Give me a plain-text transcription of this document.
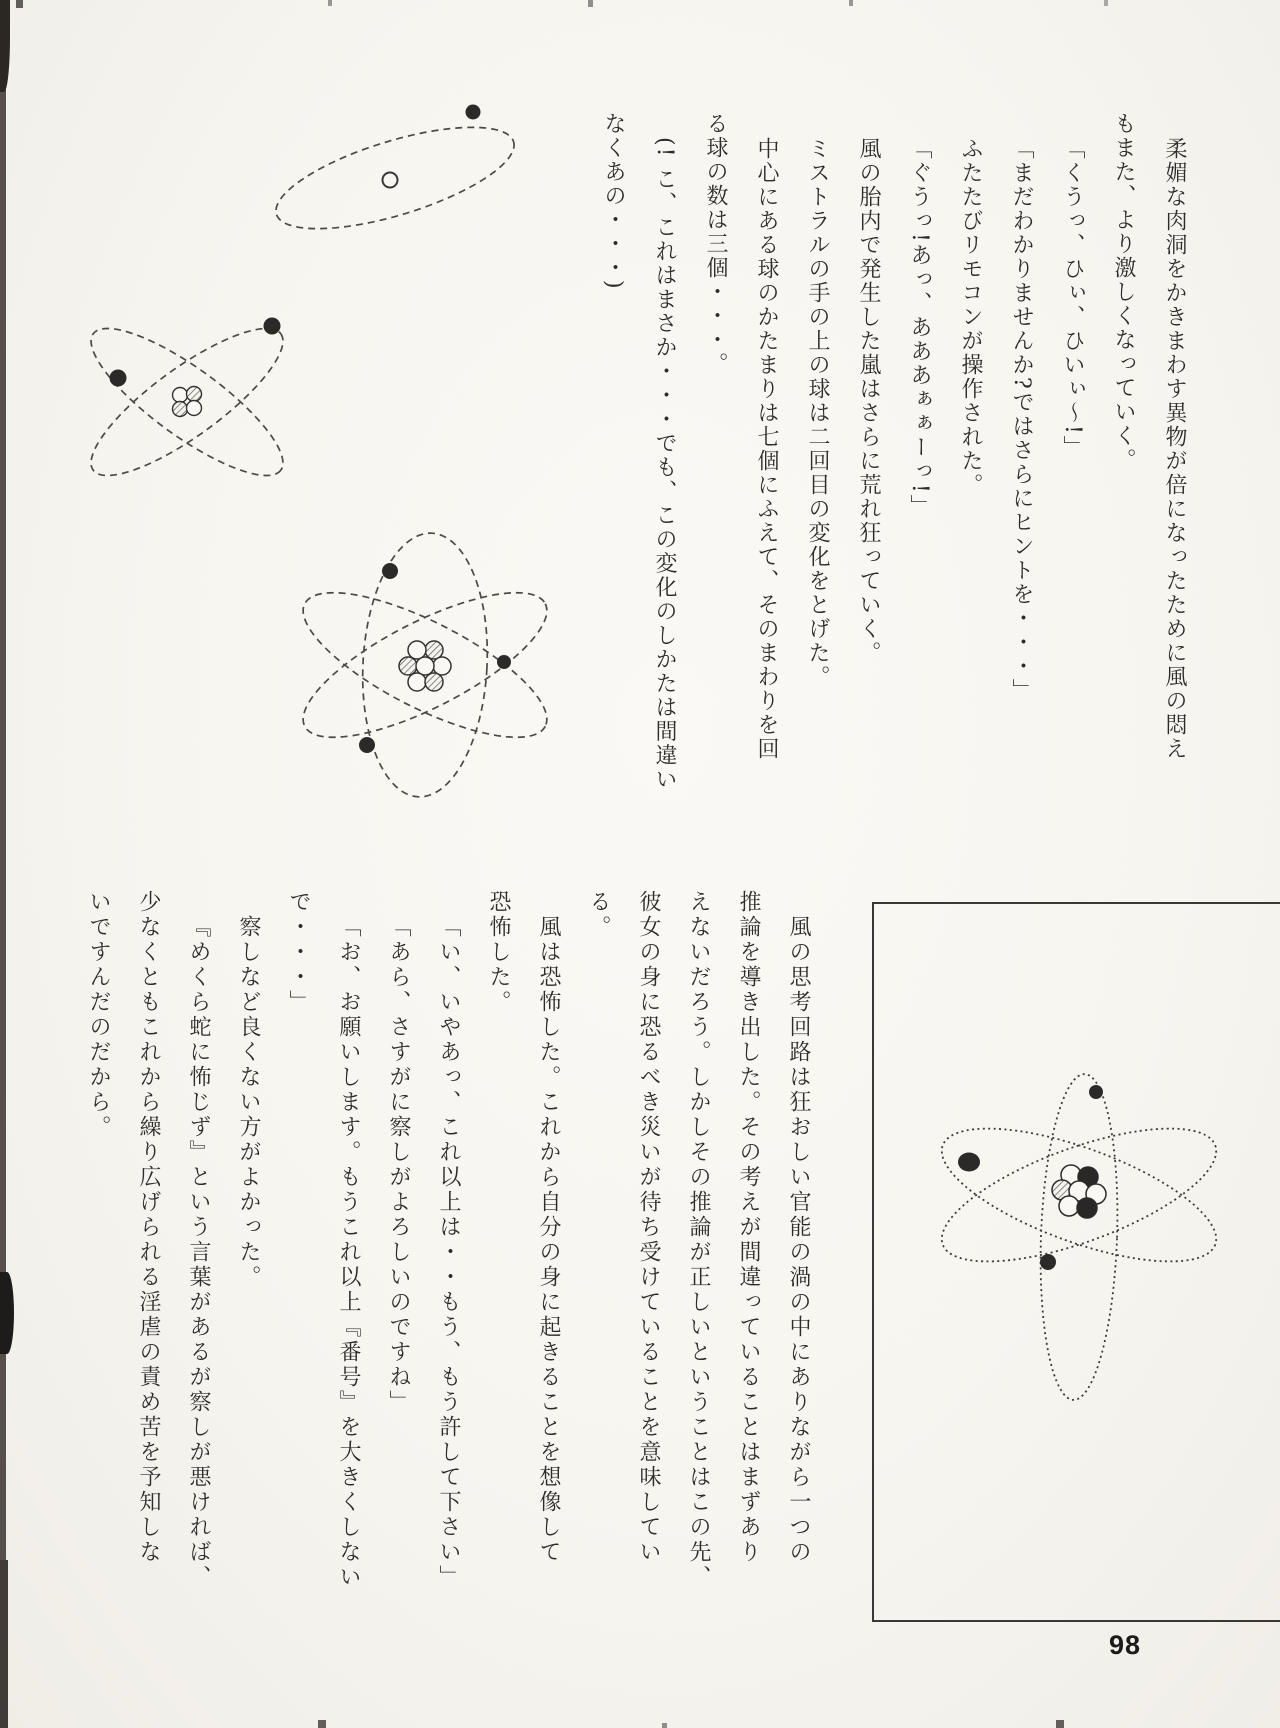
柔媚な肉洞をかきまわす異物が倍になったために風の悶え
もまた、より激しくなっていく。
「くうっ、ひぃ、ひいぃ〜!」
「まだわかりませんか?ではさらにヒントを・・・」
ふたたびリモコンが操作された。
「ぐうっ!あっ、あああぁぁーっ!」
風の胎内で発生した嵐はさらに荒れ狂っていく。
ミストラルの手の上の球は二回目の変化をとげた。
中心にある球のかたまりは七個にふえて、そのまわりを回
る球の数は三個・・・。
(! こ、これはまさか・・・でも、この変化のしかたは間違い
なくあの・・・)
風の思考回路は狂おしい官能の渦の中にありながら一つの
推論を導き出した。その考えが間違っていることはまずあり
えないだろう。しかしその推論が正しいということはこの先、
彼女の身に恐るべき災いが待ち受けていることを意味してい
る。
風は恐怖した。これから自分の身に起きることを想像して
恐怖した。
「い、いやあっ、これ以上は・・もう、もう許して下さい」
「あら、さすがに察しがよろしいのですね」
「お、お願いします。もうこれ以上『番号』を大きくしない
で・・・」
察しなど良くない方がよかった。
『めくら蛇に怖じず』という言葉があるが察しが悪ければ、
少なくともこれから繰り広げられる淫虐の責め苦を予知しな
いですんだのだから。
98
